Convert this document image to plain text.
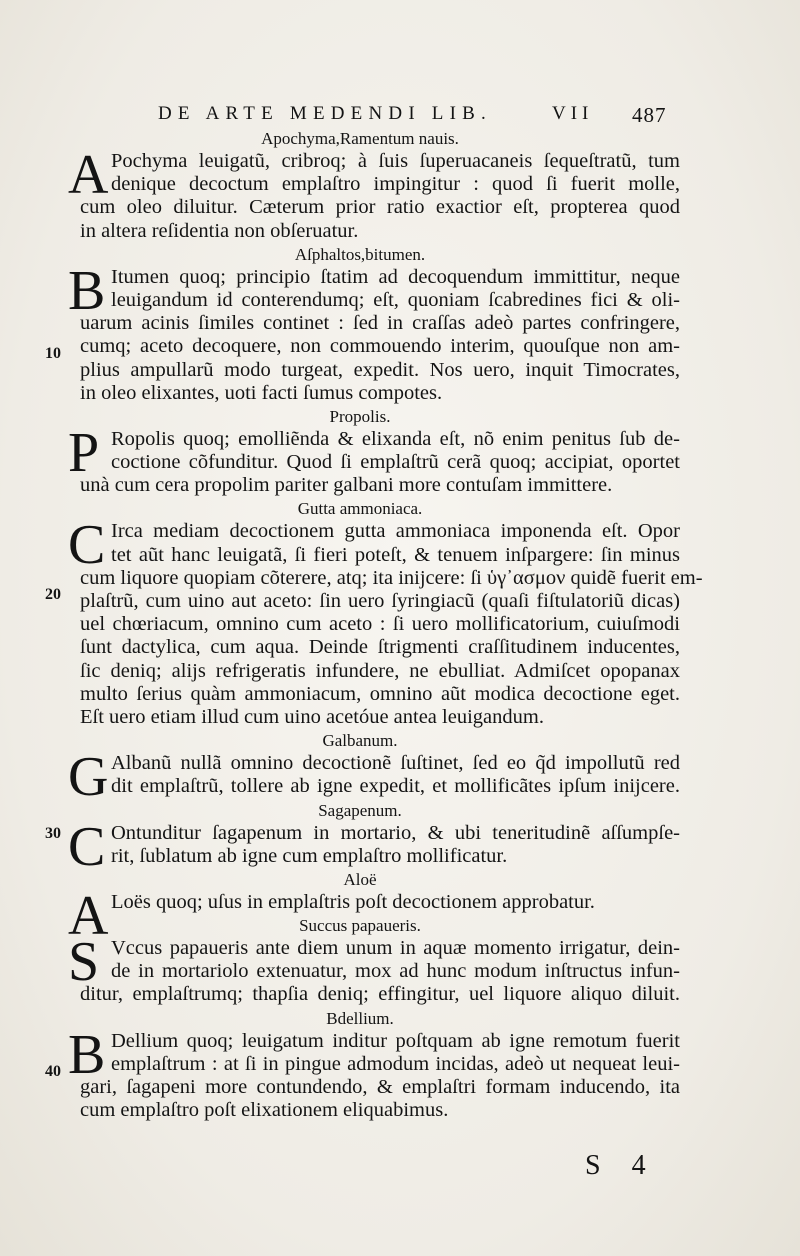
DE ARTE MEDENDI LIB.	VII 487
Apochyma,Ramentum nauis.
A Pochyma leuigatũ, cribroq; à ſuis ſuperuacaneis ſequeſtratũ, tum
denique decoctum emplaſtro impingitur : quod ſi fuerit molle,
cum oleo diluitur. Cæterum prior ratio exactior eſt, propterea quod
in altera reſidentia non obſeruatur.
Aſphaltos,bitumen.
B Itumen quoq; principio ſtatim ad decoquendum immittitur, neque
leuigandum id conterendumq; eſt, quoniam ſcabredines fici & oli-
uarum acinis ſimiles continet : ſed in craſſas adeò partes confringere,
cumq; aceto decoquere, non commouendo interim, quouſque non am-
plius ampullarũ modo turgeat, expedit. Nos uero, inquit Timocrates,
in oleo elixantes, uoti facti ſumus compotes.
Propolis.
P Ropolis quoq; emolliẽnda & elixanda eſt, nõ enim penitus ſub de-
coctione cõfunditur. Quod ſi emplaſtrũ cerã quoq; accipiat, oportet
unà cum cera propolim pariter galbani more contuſam immittere.
Gutta ammoniaca.
C Irca mediam decoctionem gutta ammoniaca imponenda eſt. Opor
tet aũt hanc leuigatã, ſi fieri poteſt, & tenuem inſpargere: ſin minus
cum liquore quopiam cõterere, atq; ita inijcere: ſi ὑγ᾽ασμον quidẽ fuerit em-
plaſtrũ, cum uino aut aceto: ſin uero ſyringiacũ (quaſi fiſtulatoriũ dicas)
uel chœriacum, omnino cum aceto : ſi uero mollificatorium, cuiuſmodi
ſunt dactylica, cum aqua. Deinde ſtrigmenti craſſitudinem inducentes,
ſic deniq; alijs refrigeratis infundere, ne ebulliat. Admiſcet opopanax
multo ſerius quàm ammoniacum, omnino aũt modica decoctione eget.
Eſt uero etiam illud cum uino acetóue antea leuigandum.
Galbanum.
G Albanũ nullã omnino decoctionẽ ſuſtinet, ſed eo q̃d impollutũ red
dit emplaſtrũ, tollere ab igne expedit, et mollificãtes ipſum inijcere.
Sagapenum.
C Ontunditur ſagapenum in mortario, & ubi teneritudinẽ aſſumpſe-
rit, ſublatum ab igne cum emplaſtro mollificatur.
Aloë
A Loës quoq; uſus in emplaſtris poſt decoctionem approbatur.
Succus papaueris.
S Vccus papaueris ante diem unum in aquæ momento irrigatur, dein-
de in mortariolo extenuatur, mox ad hunc modum inſtructus infun-
ditur, emplaſtrumq; thapſia deniq; effingitur, uel liquore aliquo diluit.
Bdellium.
B Dellium quoq; leuigatum inditur poſtquam ab igne remotum fuerit
emplaſtrum : at ſi in pingue admodum incidas, adeò ut nequeat leui-
gari, ſagapeni more contundendo, & emplaſtri formam inducendo, ita
cum emplaſtro poſt elixationem eliquabimus.
10
20
30
40
S 4
